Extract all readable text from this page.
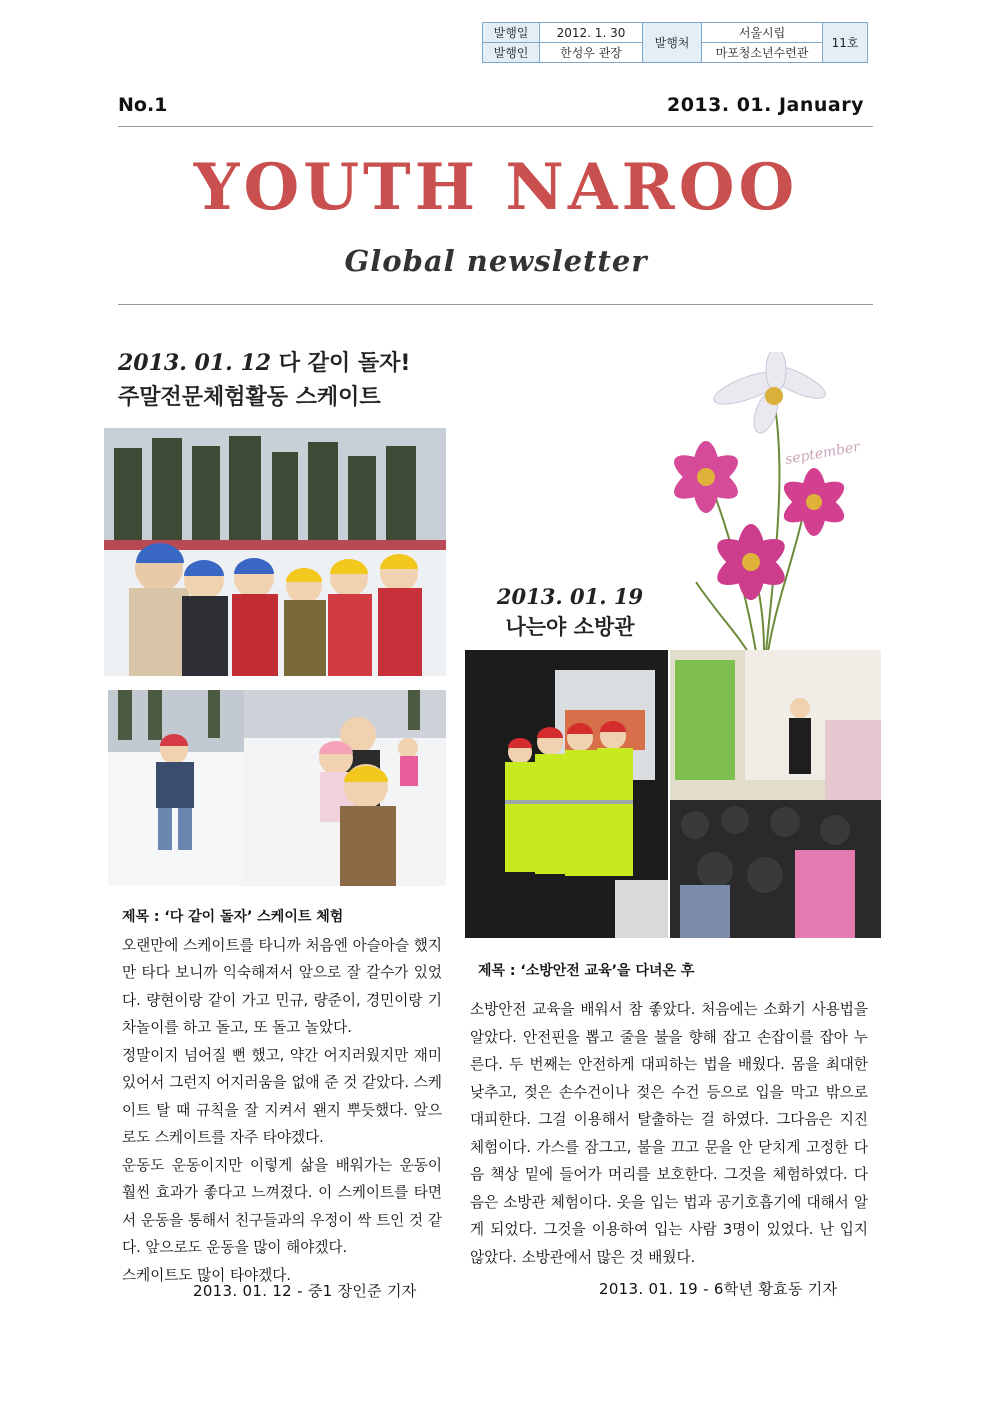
발행일	2012. 1. 30	발행처	서울시립	11호
발행인	한성우 관장		마포청소년수련관	
No.1	2013. 01. January
YOUTH NAROO
Global newsletter
2013. 01. 12 다 같이 돌자!
주말전문체험활동 스케이트
september
2013. 01. 19
나는야 소방관
제목 : ‘다 같이 돌자’ 스케이트 체험

오랜만에 스케이트를 타니까 처음엔 아슬아슬 했지만 타다 보니까 익숙해져서 앞으로 잘 갈수가 있었다. 량현이랑 같이 가고 민규, 량준이, 경민이랑 기차놀이를 하고 돌고, 또 돌고 놀았다.

정말이지 넘어질 뻔 했고, 약간 어지러웠지만 재미있어서 그런지 어지러움을 없애 준 것 같았다. 스케이트 탈 때 규칙을 잘 지켜서 왠지 뿌듯했다. 앞으로도 스케이트를 자주 타야겠다.

운동도 운동이지만 이렇게 삶을 배워가는 운동이 훨씬 효과가 좋다고 느껴졌다. 이 스케이트를 타면서 운동을 통해서 친구들과의 우정이 싹 트인 것 같다. 앞으로도 운동을 많이 해야겠다.

스케이트도 많이 타야겠다.

2013. 01. 12 - 중1 장인준 기자
제목 : ‘소방안전 교육’을 다녀온 후

소방안전 교육을 배워서 참 좋았다. 처음에는 소화기 사용법을 알았다. 안전핀을 뽑고 줄을 불을 향해 잡고 손잡이를 잡아 누른다. 두 번째는 안전하게 대피하는 법을 배웠다. 몸을 최대한 낮추고, 젖은 손수건이나 젖은 수건 등으로 입을 막고 밖으로 대피한다. 그걸 이용해서 탈출하는 걸 하였다. 그다음은 지진 체험이다. 가스를 잠그고, 불을 끄고 문을 안 닫치게 고정한 다음 책상 밑에 들어가 머리를 보호한다. 그것을 체험하였다. 다음은 소방관 체험이다. 옷을 입는 법과 공기호흡기에 대해서 알게 되었다. 그것을 이용하여 입는 사람 3명이 있었다. 난 입지 않았다. 소방관에서 많은 것 배웠다.

2013. 01. 19 - 6학년 황효동 기자
